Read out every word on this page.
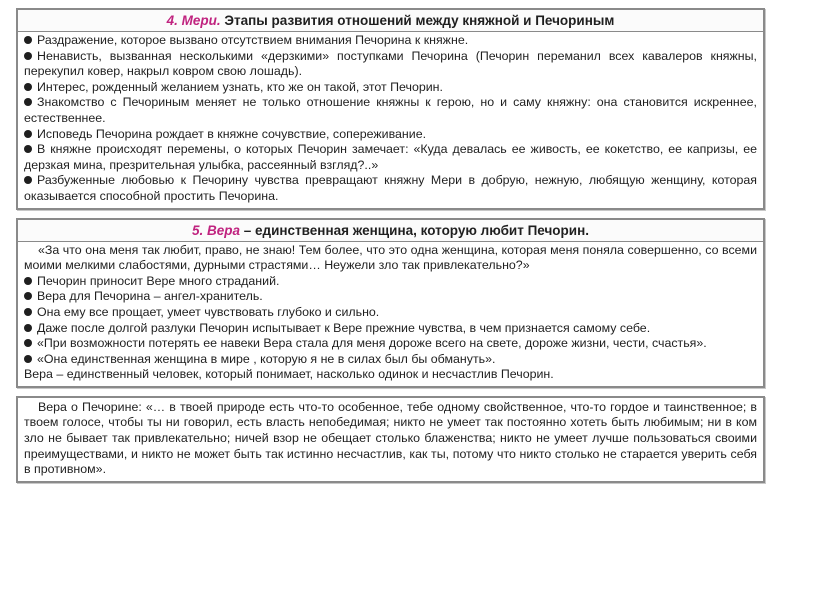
4. Мери. Этапы развития отношений между княжной и Печориным

Раздражение, которое вызвано отсутствием внимания Печорина к княжне.

Ненависть, вызванная несколькими «дерзкими» поступками Печорина (Печорин переманил всех кавалеров княжны, перекупил ковер, накрыл ковром свою лошадь).

Интерес, рожденный желанием узнать, кто же он такой, этот Печорин.

Знакомство с Печориным меняет не только отношение княжны к герою, но и саму княжну: она становится искреннее, естественнее.

Исповедь Печорина рождает в княжне сочувствие, сопереживание.

В княжне происходят перемены, о которых Печорин замечает: «Куда девалась ее живость, ее кокетство, ее капризы, ее дерзкая мина, презрительная улыбка, рассеянный взгляд?..»

Разбуженные любовью к Печорину чувства превращают княжну Мери в добрую, нежную, любящую женщину, которая оказывается способной простить Печорина.

5. Вера – единственная женщина, которую любит Печорин.

«За что она меня так любит, право, не знаю! Тем более, что это одна женщина, которая меня поняла совершенно, со всеми моими мелкими слабостями, дурными страстями… Неужели зло так привлекательно?»

Печорин приносит Вере много страданий.

Вера для Печорина – ангел-хранитель.

Она ему все прощает, умеет чувствовать глубоко и сильно.

Даже после долгой разлуки Печорин испытывает к Вере прежние чувства, в чем признается самому себе.

«При возможности потерять ее навеки Вера стала для меня дороже всего на свете, дороже жизни, чести, счастья».

«Она единственная женщина в мире , которую я не в силах был бы обмануть».

Вера – единственный человек, который понимает, насколько одинок и несчастлив Печорин.

Вера о Печорине: «… в твоей природе есть что-то особенное, тебе одному свойственное, что-то гордое и таинственное; в твоем голосе, чтобы ты ни говорил, есть власть непобедимая; никто не умеет так постоянно хотеть быть любимым; ни в ком зло не бывает так привлекательно; ничей взор не обещает столько блаженства; никто не умеет лучше пользоваться своими преимуществами, и никто не может быть так истинно несчастлив, как ты, потому что никто столько не старается уверить себя в противном».
